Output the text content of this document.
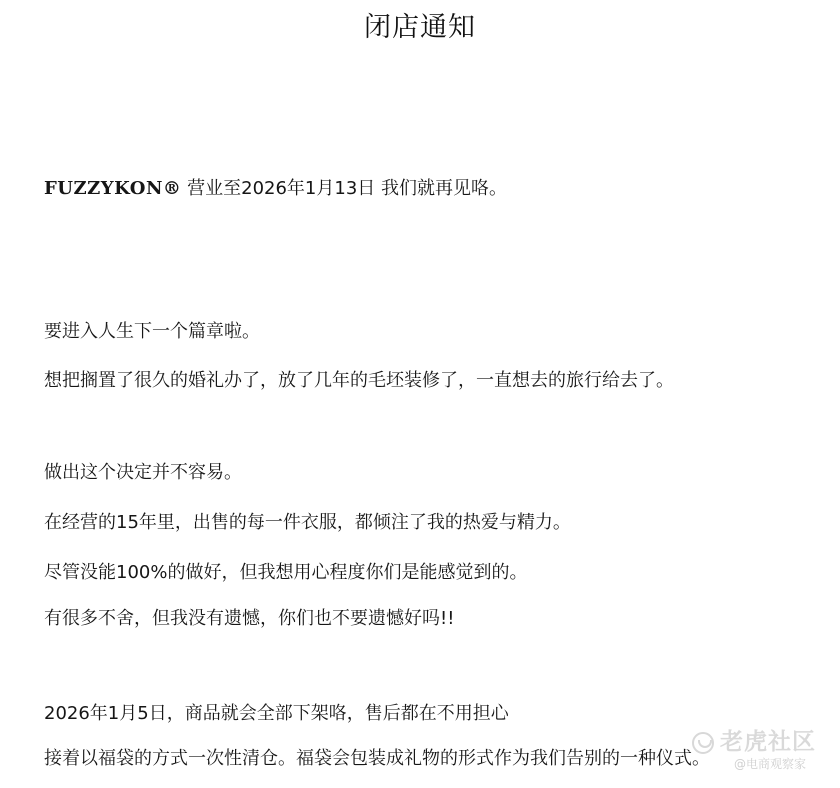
闭店通知
FUZZYKON® 营业至2026年1月13日 我们就再见咯。
要进入人生下一个篇章啦。
想把搁置了很久的婚礼办了，放了几年的毛坯装修了，一直想去的旅行给去了。
做出这个决定并不容易。
在经营的15年里，出售的每一件衣服，都倾注了我的热爱与精力。
尽管没能100%的做好，但我想用心程度你们是能感觉到的。
有很多不舍，但我没有遗憾，你们也不要遗憾好吗!!
2026年1月5日，商品就会全部下架咯，售后都在不用担心
接着以福袋的方式一次性清仓。福袋会包装成礼物的形式作为我们告别的一种仪式。
老虎社区
@电商观察家
